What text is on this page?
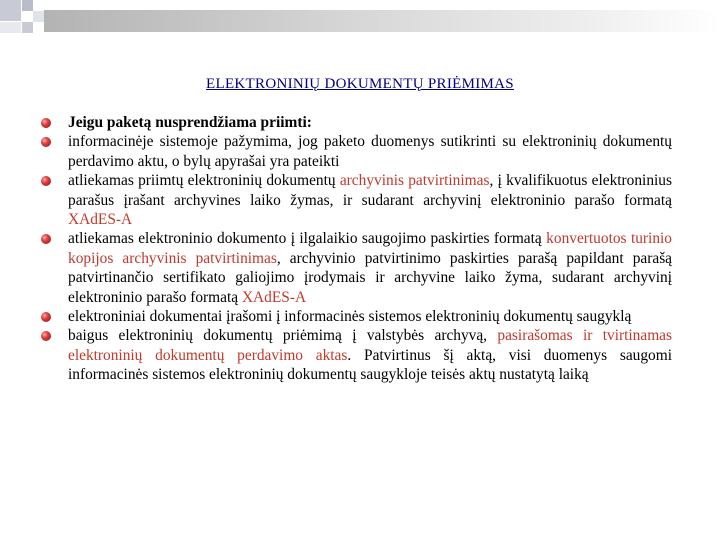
ELEKTRONINIŲ DOKUMENTŲ PRIĖMIMAS
Jeigu paketą nusprendžiama priimti:
informacinėje sistemoje pažymima, jog paketo duomenys sutikrinti su elektroninių dokumentų perdavimo aktu, o bylų apyrašai yra pateikti
atliekamas priimtų elektroninių dokumentų archyvinis patvirtinimas, į kvalifikuotus elektroninius parašus įrašant archyvines laiko žymas, ir sudarant archyvinį elektroninio parašo formatą XAdES-A
atliekamas elektroninio dokumento į ilgalaikio saugojimo paskirties formatą konvertuotos turinio kopijos archyvinis patvirtinimas, archyvinio patvirtinimo paskirties parašą papildant parašą patvirtinančio sertifikato galiojimo įrodymais ir archyvine laiko žyma, sudarant archyvinį elektroninio parašo formatą XAdES-A
elektroniniai dokumentai įrašomi į informacinės sistemos elektroninių dokumentų saugyklą
baigus elektroninių dokumentų priėmimą į valstybės archyvą, pasirašomas ir tvirtinamas elektroninių dokumentų perdavimo aktas. Patvirtinus šį aktą, visi duomenys saugomi informacinės sistemos elektroninių dokumentų saugykloje teisės aktų nustatytą laiką
